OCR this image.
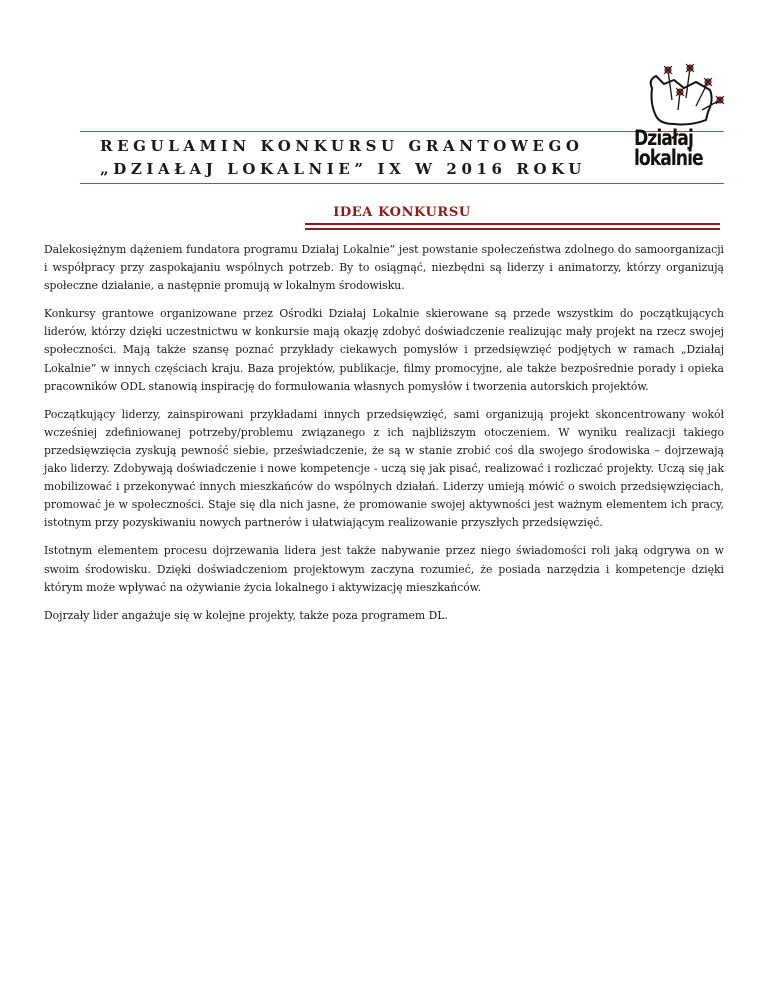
REGULAMIN KONKURSU GRANTOWEGO
„DZIAŁAJ LOKALNIE” IX W 2016 ROKU
Działaj
lokalnie
IDEA KONKURSU

Dalekosiężnym dążeniem fundatora programu Działaj Lokalnie” jest powstanie społeczeństwa zdolnego do samoorganizacji i współpracy przy zaspokajaniu wspólnych potrzeb. By to osiągnąć, niezbędni są liderzy i animatorzy, którzy organizują społeczne działanie, a następnie promują w lokalnym środowisku.

Konkursy grantowe organizowane przez Ośrodki Działaj Lokalnie skierowane są przede wszystkim do początkujących liderów, którzy dzięki uczestnictwu w konkursie mają okazję zdobyć doświadczenie realizując mały projekt na rzecz swojej społeczności. Mają także szansę poznać przykłady ciekawych pomysłów i przedsięwzięć podjętych w ramach „Działaj Lokalnie” w innych częściach kraju. Baza projektów, publikacje, filmy promocyjne, ale także bezpośrednie porady i opieka pracowników ODL stanowią inspirację do formułowania własnych pomysłów i tworzenia autorskich projektów.

Początkujący liderzy, zainspirowani przykładami innych przedsięwzięć, sami organizują projekt skoncentrowany wokół wcześniej zdefiniowanej potrzeby/problemu związanego z ich najbliższym otoczeniem. W wyniku realizacji takiego przedsięwzięcia zyskują pewność siebie, przeświadczenie, że są w stanie zrobić coś dla swojego środowiska – dojrzewają jako liderzy. Zdobywają doświadczenie i nowe kompetencje - uczą się jak pisać, realizować i rozliczać projekty. Uczą się jak mobilizować i przekonywać innych mieszkańców do wspólnych działań. Liderzy umieją mówić o swoich przedsięwzięciach, promować je w społeczności. Staje się dla nich jasne, że promowanie swojej aktywności jest ważnym elementem ich pracy, istotnym przy pozyskiwaniu nowych partnerów i ułatwiającym realizowanie przyszłych przedsięwzięć.

Istotnym elementem procesu dojrzewania lidera jest także nabywanie przez niego świadomości roli jaką odgrywa on w swoim środowisku. Dzięki doświadczeniom projektowym zaczyna rozumieć, że posiada narzędzia i kompetencje dzięki którym może wpływać na ożywianie życia lokalnego i aktywizację mieszkańców.

Dojrzały lider angażuje się w kolejne projekty, także poza programem DL.
